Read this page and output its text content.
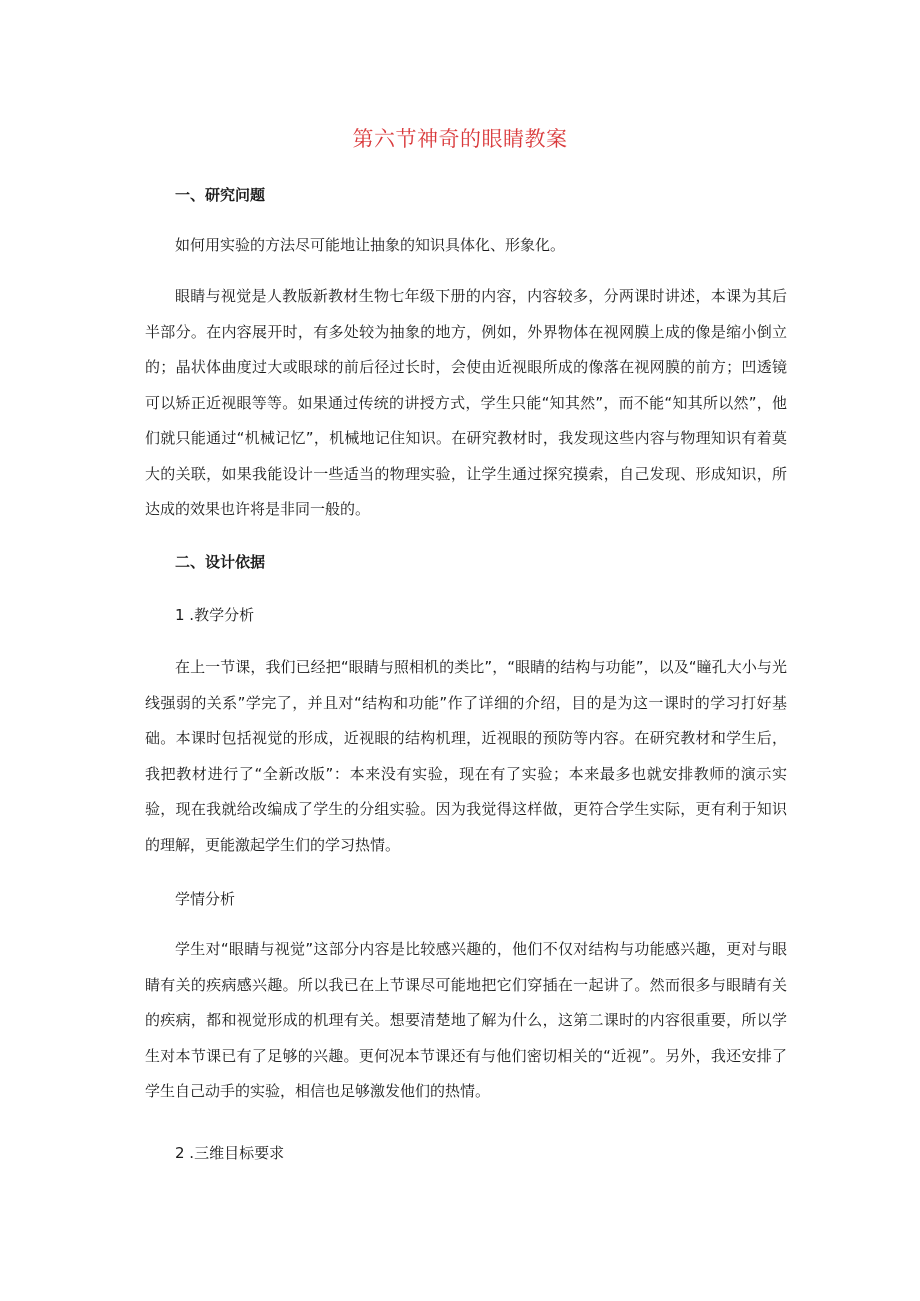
第六节神奇的眼睛教案
一、研究问题
如何用实验的方法尽可能地让抽象的知识具体化、形象化。
眼睛与视觉是人教版新教材生物七年级下册的内容，内容较多，分两课时讲述，本课为其后半部分。在内容展开时，有多处较为抽象的地方，例如，外界物体在视网膜上成的像是缩小倒立的；晶状体曲度过大或眼球的前后径过长时，会使由近视眼所成的像落在视网膜的前方；凹透镜可以矫正近视眼等等。如果通过传统的讲授方式，学生只能“知其然”，而不能“知其所以然”，他们就只能通过“机械记忆”，机械地记住知识。在研究教材时，我发现这些内容与物理知识有着莫大的关联，如果我能设计一些适当的物理实验，让学生通过探究摸索，自己发现、形成知识，所达成的效果也许将是非同一般的。
二、设计依据
1 .教学分析
在上一节课，我们已经把“眼睛与照相机的类比”，“眼睛的结构与功能”，以及“瞳孔大小与光线强弱的关系”学完了，并且对“结构和功能”作了详细的介绍，目的是为这一课时的学习打好基础。本课时包括视觉的形成，近视眼的结构机理，近视眼的预防等内容。在研究教材和学生后，我把教材进行了“全新改版”：本来没有实验，现在有了实验；本来最多也就安排教师的演示实验，现在我就给改编成了学生的分组实验。因为我觉得这样做，更符合学生实际，更有利于知识的理解，更能激起学生们的学习热情。
学情分析
学生对“眼睛与视觉”这部分内容是比较感兴趣的，他们不仅对结构与功能感兴趣，更对与眼睛有关的疾病感兴趣。所以我已在上节课尽可能地把它们穿插在一起讲了。然而很多与眼睛有关的疾病，都和视觉形成的机理有关。想要清楚地了解为什么，这第二课时的内容很重要，所以学生对本节课已有了足够的兴趣。更何况本节课还有与他们密切相关的“近视”。另外，我还安排了学生自己动手的实验，相信也足够激发他们的热情。
2 .三维目标要求
